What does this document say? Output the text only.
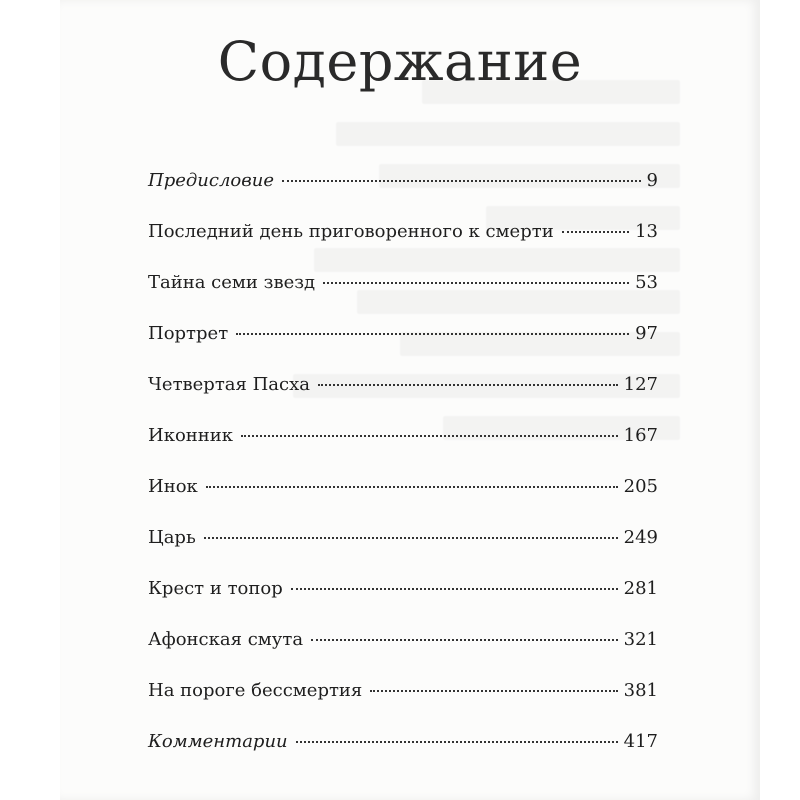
Содержание
Предисловие	9
Последний день приговоренного к смерти	13
Тайна семи звезд	53
Портрет	97
Четвертая Пасха	127
Иконник	167
Инок	205
Царь	249
Крест и топор	281
Афонская смута	321
На пороге бессмертия	381
Комментарии	417
